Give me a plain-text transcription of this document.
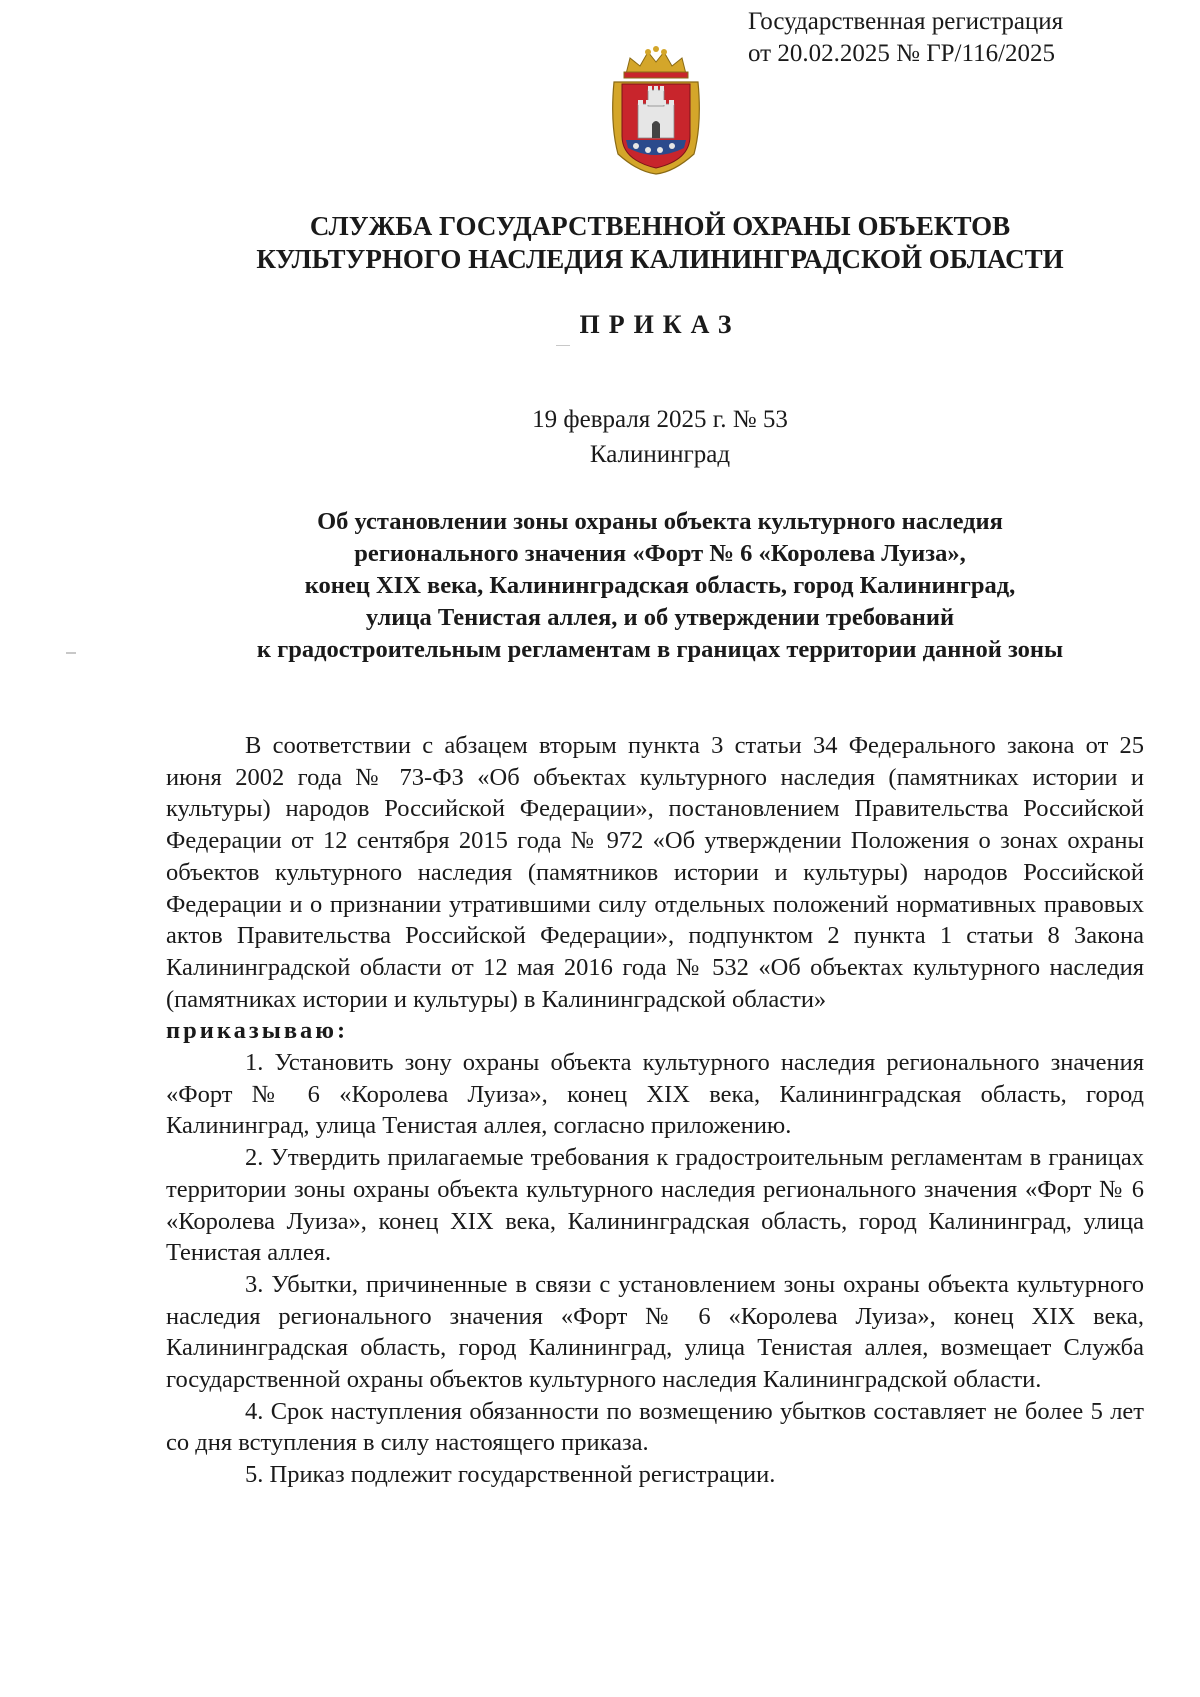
Государственная регистрация
от 20.02.2025 № ГР/116/2025
СЛУЖБА ГОСУДАРСТВЕННОЙ ОХРАНЫ ОБЪЕКТОВ
КУЛЬТУРНОГО НАСЛЕДИЯ КАЛИНИНГРАДСКОЙ ОБЛАСТИ
ПРИКАЗ
19 февраля 2025 г. № 53
Калининград
Об установлении зоны охраны объекта культурного наследия
регионального значения «Форт № 6 «Королева Луиза»,
конец XIX века, Калининградская область, город Калининград,
улица Тенистая аллея, и об утверждении требований
к градостроительным регламентам в границах территории данной зоны

В соответствии с абзацем вторым пункта 3 статьи 34 Федерального закона от 25 июня 2002 года № 73-ФЗ «Об объектах культурного наследия (памятниках истории и культуры) народов Российской Федерации», постановлением Правительства Российской Федерации от 12 сентября 2015 года № 972 «Об утверждении Положения о зонах охраны объектов культурного наследия (памятников истории и культуры) народов Российской Федерации и о признании утратившими силу отдельных положений нормативных правовых актов Правительства Российской Федерации», подпунктом 2 пункта 1 статьи 8 Закона Калининградской области от 12 мая 2016 года № 532 «Об объектах культурного наследия (памятниках истории и культуры) в Калининградской области»
приказываю:

1. Установить зону охраны объекта культурного наследия регионального значения «Форт № 6 «Королева Луиза», конец XIX века, Калининградская область, город Калининград, улица Тенистая аллея, согласно приложению.

2. Утвердить прилагаемые требования к градостроительным регламентам в границах территории зоны охраны объекта культурного наследия регионального значения «Форт № 6 «Королева Луиза», конец XIX века, Калининградская область, город Калининград, улица Тенистая аллея.

3. Убытки, причиненные в связи с установлением зоны охраны объекта культурного наследия регионального значения «Форт № 6 «Королева Луиза», конец XIX века, Калининградская область, город Калининград, улица Тенистая аллея, возмещает Служба государственной охраны объектов культурного наследия Калининградской области.

4. Срок наступления обязанности по возмещению убытков составляет не более 5 лет со дня вступления в силу настоящего приказа.

5. Приказ подлежит государственной регистрации.
